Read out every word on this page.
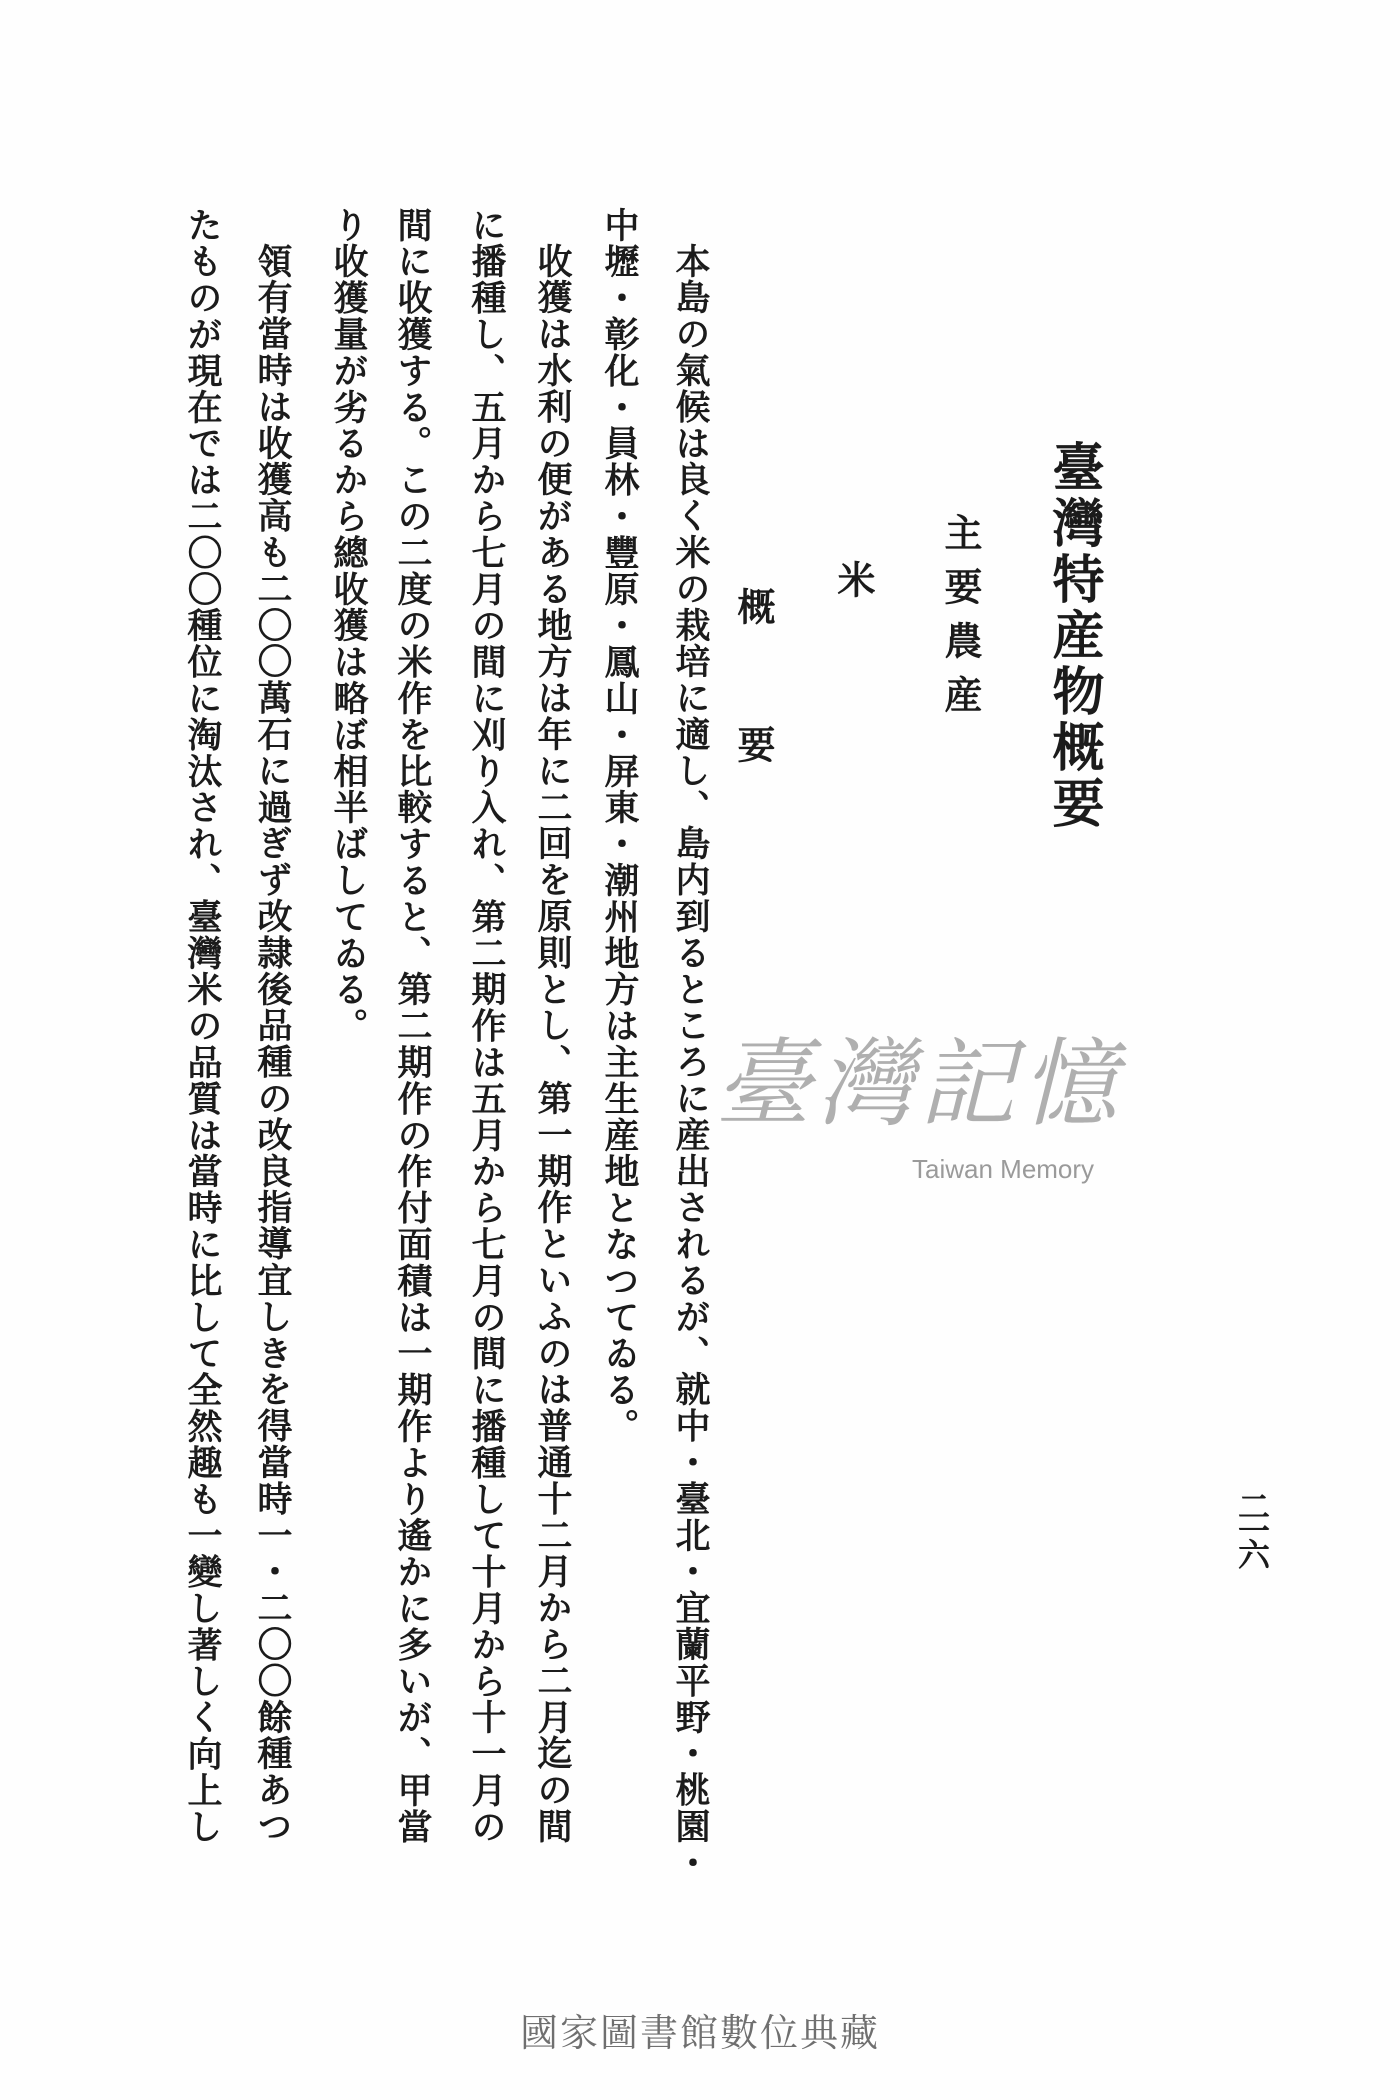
二一六
臺灣特産物概要
主要農産
米
概要
本島の氣候は良く米の栽培に適し、島内到るところに産出されるが、就中・臺北・宜蘭平野・桃園・
中壢・彰化・員林・豐原・鳳山・屏東・潮州地方は主生産地となつてゐる。
收獲は水利の便がある地方は年に二回を原則とし、第一期作といふのは普通十二月から二月迄の間
に播種し、五月から七月の間に刈り入れ、第二期作は五月から七月の間に播種して十月から十一月の
間に收獲する。この二度の米作を比較すると、第二期作の作付面積は一期作より遙かに多いが、甲當
り收獲量が劣るから總收獲は略ぼ相半ばしてゐる。
領有當時は收獲高も二〇〇萬石に過ぎず改隷後品種の改良指導宜しきを得當時一・二〇〇餘種あつ
たものが現在では二〇〇種位に淘汰され、臺灣米の品質は當時に比して全然趣も一變し著しく向上し	臺灣記憶
Taiwan Memory
國家圖書館數位典藏
